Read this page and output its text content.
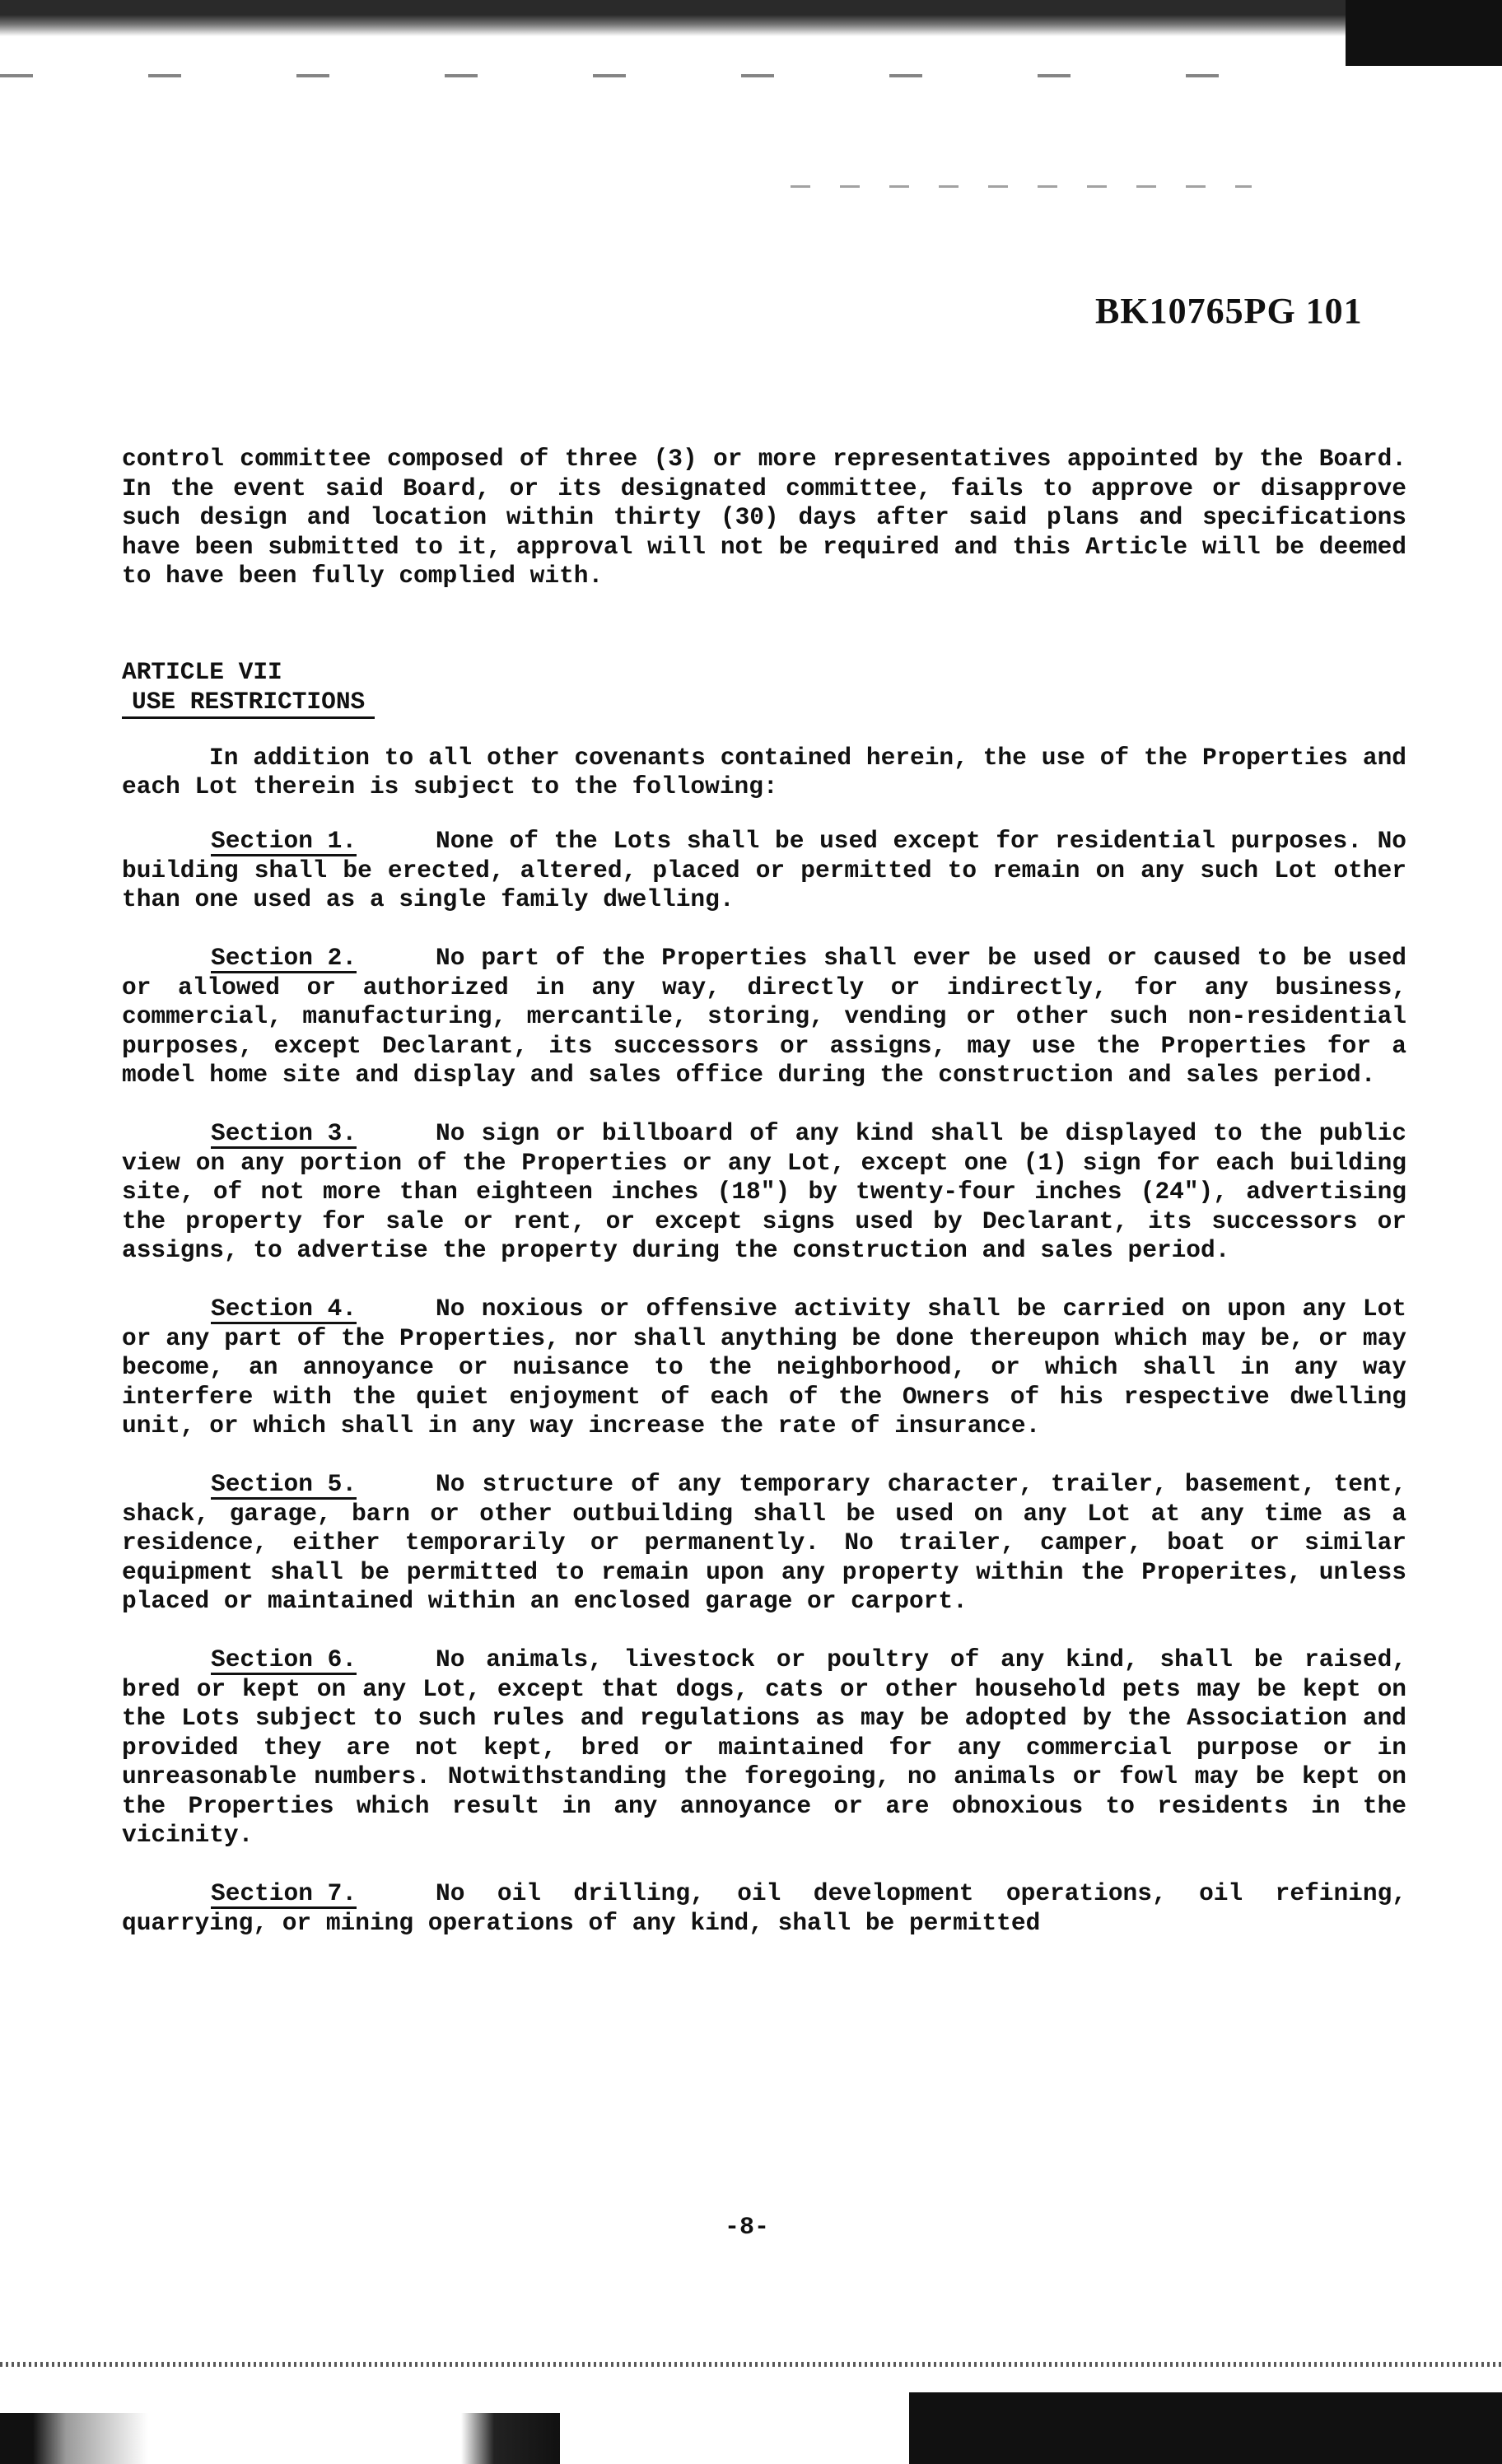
BK10765PG 101

control committee composed of three (3) or more representatives appointed by the Board. In the event said Board, or its designated committee, fails to approve or disapprove such design and location within thirty (30) days after said plans and specifications have been submitted to it, approval will not be required and this Article will be deemed to have been fully complied with.

ARTICLE VII

USE RESTRICTIONS

In addition to all other covenants contained herein, the use of the Properties and each Lot therein is subject to the following:

Section 1.	None of the Lots shall be used except for residential purposes. No building shall be erected, altered, placed or permitted to remain on any such Lot other than one used as a single family dwelling.

Section 2.	No part of the Properties shall ever be used or caused to be used or allowed or authorized in any way, directly or indirectly, for any business, commercial, manufacturing, mercantile, storing, vending or other such non-residential purposes, except Declarant, its successors or assigns, may use the Properties for a model home site and display and sales office during the construction and sales period.

Section 3.	No sign or billboard of any kind shall be displayed to the public view on any portion of the Properties or any Lot, except one (1) sign for each building site, of not more than eighteen inches (18") by twenty-four inches (24"), advertising the property for sale or rent, or except signs used by Declarant, its successors or assigns, to advertise the property during the construction and sales period.

Section 4.	No noxious or offensive activity shall be carried on upon any Lot or any part of the Properties, nor shall anything be done thereupon which may be, or may become, an annoyance or nuisance to the neighborhood, or which shall in any way interfere with the quiet enjoyment of each of the Owners of his respective dwelling unit, or which shall in any way increase the rate of insurance.

Section 5.	No structure of any temporary character, trailer, basement, tent, shack, garage, barn or other outbuilding shall be used on any Lot at any time as a residence, either temporarily or permanently. No trailer, camper, boat or similar equipment shall be permitted to remain upon any property within the Properites, unless placed or maintained within an enclosed garage or carport.

Section 6.	No animals, livestock or poultry of any kind, shall be raised, bred or kept on any Lot, except that dogs, cats or other household pets may be kept on the Lots subject to such rules and regulations as may be adopted by the Association and provided they are not kept, bred or maintained for any commercial purpose or in unreasonable numbers. Notwithstanding the foregoing, no animals or fowl may be kept on the Properties which result in any annoyance or are obnoxious to residents in the vicinity.

Section 7.	No oil drilling, oil development operations, oil refining, quarrying, or mining operations of any kind, shall be permitted

-8-
